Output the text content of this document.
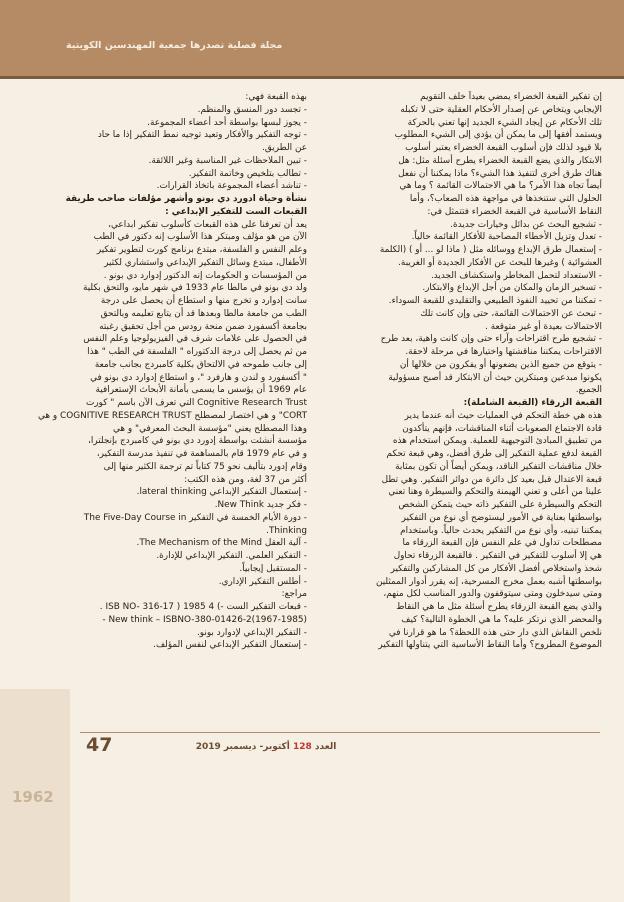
مجلة فصلية تصدرها جمعية المهندسين الكويتية

إن تفكير القبعة الخضراء يمضي بعيداً خلف التقويم

الإيجابي ويتخاص عن إصدار الأحكام العقلية حتى لا تكبله

تلك الأحكام عن إيجاد الشيء الجديد إنها تعني بالحركة

ويستمد أفقها إلى ما يمكن أن يؤدي إلى الشيء المطلوب

بلا قيود لذلك فإن أسلوب القبعة الخضراء يعتبر أسلوب

الابتكار والذي يضع القبعة الخضراء يطرح أسئلة مثل: هل

هناك طرق أخرى لتنفيذ هذا الشيء؟ ماذا يمكننا أن نفعل

أيضاً تجاه هذا الأمر؟ ما هي الاحتمالات القائمة ؟ وما هي

الحلول التي ستنخذها في مواجهة هذه الصعاب؟، وأما

النقاط الأساسية في القبعة الخضراء فتتمثل في:

- تشجيع البحث عن بدائل وخيارات جديدة.

- تعدل وتزيل الأخطاء المصاحبة للأفكار القائمة حالياً.

- إستعمال طرق الإبداع ووسائله مثل ( ماذا لو ... أو ) (الكلمة

العشوائية ) وغيرها للبحث عن الأفكار الجديدة أو الغريبة.

- الاستعداد لتحمل المخاطر واستكشاف الجديد.

- تسخير الزمان والمكان من أجل الإبداع والابتكار.

- تمكننا من تحييد النفوذ الطبيعي والتقليدي للقبعة السوداء.

- تبحث عن الاحتمالات القائمة، حتى وإن كانت تلك

الاحتمالات بعيدة أو غير متوقعة .

- تشجيع طرح اقتراحات وآراء حتى وإن كانت واهية، بعد طرح

الاقتراحات يمكننا مناقشتها واختيارها في مرحلة لاحقة.

- يتوقع من جميع الذين يضعونها أو يفكرون من خلالها أن

يكونوا مبدعين ومبتكرين حيث أن الابتكار قد أصبح مسؤولية

الجميع.

القبعة الزرقاء (القبعة الشاملة):

هذه هي خطة التحكم في العمليات حيث أنه عندما يدير

قادة الاجتماع الصعوبات أثناء المناقشات، فإنهم يتأكدون

من تطبيق المبادئ التوجيهية للعملية. ويمكن استخدام هذه

القبعة لدفع عملية التفكير إلى طرق أفضل، وهي قبعة تحكم

خلال مناقشات التفكير الناقد، ويمكن أيضاً أن تكون بمثابة

قبعة الاعتدال قبل بعيد كل دائرة من دوائر التفكير. وهي تطل

علينا من أعلى و تعني الهيمنة والتحكم والسيطرة وهنا تعني

التحكم والسيطرة على التفكير ذاته حيث يتمكن الشخص

بواسطتها بعناية في الأمور ليستوضح أي نوع من التفكير

يمكننا تبنيه، وأي نوع من التفكير يحدث حالياً. وباستخدام

مصطلحات تداول في علم النفس فإن القبعة الزرقاء ما

هي إلا أسلوب للتفكير في التفكير . فالقبعة الزرقاء تحاول

شحذ واستخلاص أفضل الأفكار من كل المشاركين والتفكير

بواسطتها أشبه بعمل مخرج المسرحية، إنه يقرر أدوار الممثلين

ومتى سيدخلون ومتى سيتوقفون والدور المناسب لكل منهم،

والذي يضع القبعة الزرقاء يطرح أسئلة مثل ما هي النقاط

والمحضر الذي نرتكز عليه؟ ما هي الخطوة التالية؟ كيف

نلخص النقاش الذي دار حتى هذه اللحظة؟ ما هو قرارنا في

الموضوع المطروح؟ وأما النقاط الأساسية التي يتناولها التفكير

بهذه القبعة فهي:

- تجسد دور المنسق والمنظم.

- يجوز لبسها بواسطة أحد أعضاء المجموعة.

- توجه التفكير والأفكار وتعيد توجيه نمط التفكير إذا ما حاد

عن الطريق.

- تبين الملاحظات غير المناسبة وغير اللائقة.

- تطالب بتلخيص وخاتمة التفكير.

- تناشد أعضاء المجموعة باتخاذ القرارات.

نشأة وحياة ادورد دي بونو وأشهر مؤلفات صاحب طريقة

القبعات الست للتفكير الإبداعي :

يعد أن تعرفنا على هذه القبعات كأسلوب تفكير ابداعي،

الآن من هو مؤلف ومبتكر هذا الأسلوب إنه دكتور في الطب

وعلم النفس و الفلسفة، مبتدع برنامج كورت لتطوير تفكير

الأطفال، مبتدع وسائل التفكير الإبداعي واستشاري لكثير

من المؤسسات و الحكومات إنه الدكتور إدوارد دي بونو .

ولد دي بونو في مالطا عام 1933 في شهر مايو، والتحق بكلية

سانت إدوارد و تخرج منها و استطاع أن يحصل على درجة

الطب من جامعة مالطا وبعدها قد أن يتابع تعليمه وبالتحق

بجامعة أكسفورد ضمن منحة رودس من أجل تحقيق رغبته

في الحصول على علامات شرف في الفيزيولوجيا وعلم النفس

من ثم يحصل إلى درجة الدكتوراه " الفلسفة في الطب " هذا

إلى جانب طموحه في الالتحاق بكلية كامبردج بجانب جامعة

" أكسفورد و لندن و هارفرد "، و استطاع إدوارد دي بونو في

عام 1969 أن يؤسس ما يسمى بأمانة الأبحاث الإستعرافية

Cognitive Research Trust التي تعرف الآن باسم " كورت

CORT" و هي اختصار لمصطلح COGNITIVE RESEARCH TRUST و هي

وهذا المصطلح يعني "مؤسسة البحث المعرفي" و هي

مؤسسة أنشئت بواسطة إدورد دي بونو في كامبردج بإنجلترا،

و في عام 1979 قام بالمساهمة في تنفيذ مدرسة التفكير،

وقام إدورد بتأليف نحو 75 كتاباً تم ترجمة الكثير منها إلى

أكثر من 37 لغة، ومن هذه الكتب:

- إستعمال التفكير الإبداعي lateral thinking.

- فكر جديد New Think.

- دورة الأيام الخمسة في التفكير The Five-Day Course in

Thinking.

- آلية العقل The Mechanism of the Mind.

- التفكير العلمي. التفكير الإبداعي للإدارة.

- المستقبل إيجابياً.

- أطلس التفكير الإداري.

مراجع:

- قبعات التفكير الست -) 4 1985 ( ISB NO- 316-17 .

(New think – ISBNO-380-01426-2(1967-1985 -

- التفكير الإبداعي لإدوارد بونو.

- إستعمال التفكير الإبداعي لنفس المؤلف.

47	العدد 128 أكتوبر- ديسمبر 2019
1962
